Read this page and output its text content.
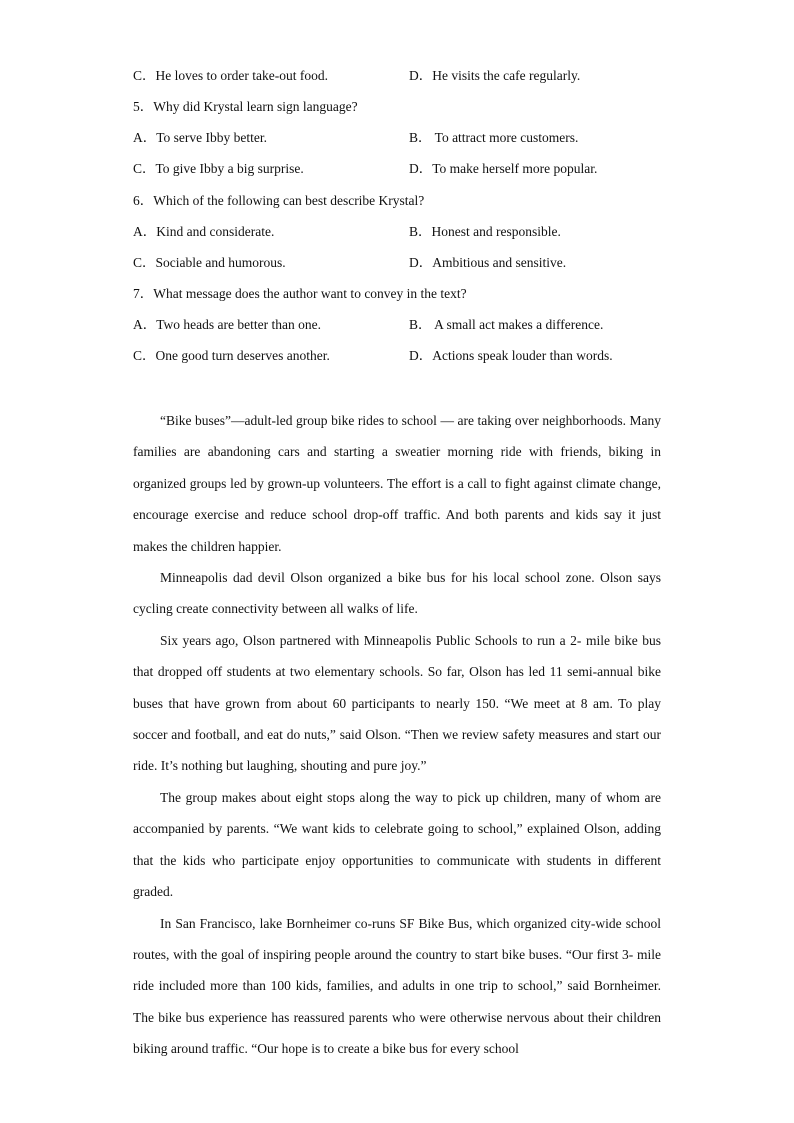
C．He loves to order take-out food.	D．He visits the cafe regularly.
5．Why did Krystal learn sign language?
A．To serve Ibby better.	B． To attract more customers.
C．To give Ibby a big surprise.	D．To make herself more popular.
6．Which of the following can best describe Krystal?
A．Kind and considerate.	B．Honest and responsible.
C．Sociable and humorous.	D．Ambitious and sensitive.
7．What message does the author want to convey in the text?
A．Two heads are better than one.	B． A small act makes a difference.
C．One good turn deserves another.	D．Actions speak louder than words.

“Bike buses”—adult-led group bike rides to school — are taking over neighborhoods. Many families are abandoning cars and starting a sweatier morning ride with friends, biking in organized groups led by grown-up volunteers. The effort is a call to fight against climate change, encourage exercise and reduce school drop-off traffic. And both parents and kids say it just makes the children happier.

Minneapolis dad devil Olson organized a bike bus for his local school zone. Olson says cycling create connectivity between all walks of life.

Six years ago, Olson partnered with Minneapolis Public Schools to run a 2- mile bike bus that dropped off students at two elementary schools. So far, Olson has led 11 semi-annual bike buses that have grown from about 60 participants to nearly 150. “We meet at 8 am. To play soccer and football, and eat do nuts,” said Olson. “Then we review safety measures and start our ride. It’s nothing but laughing, shouting and pure joy.”

The group makes about eight stops along the way to pick up children, many of whom are accompanied by parents. “We want kids to celebrate going to school,” explained Olson, adding that the kids who participate enjoy opportunities to communicate with students in different graded.

In San Francisco, lake Bornheimer co-runs SF Bike Bus, which organized city-wide school routes, with the goal of inspiring people around the country to start bike buses. “Our first 3- mile ride included more than 100 kids, families, and adults in one trip to school,” said Bornheimer. The bike bus experience has reassured parents who were otherwise nervous about their children biking around traffic. “Our hope is to create a bike bus for every school
